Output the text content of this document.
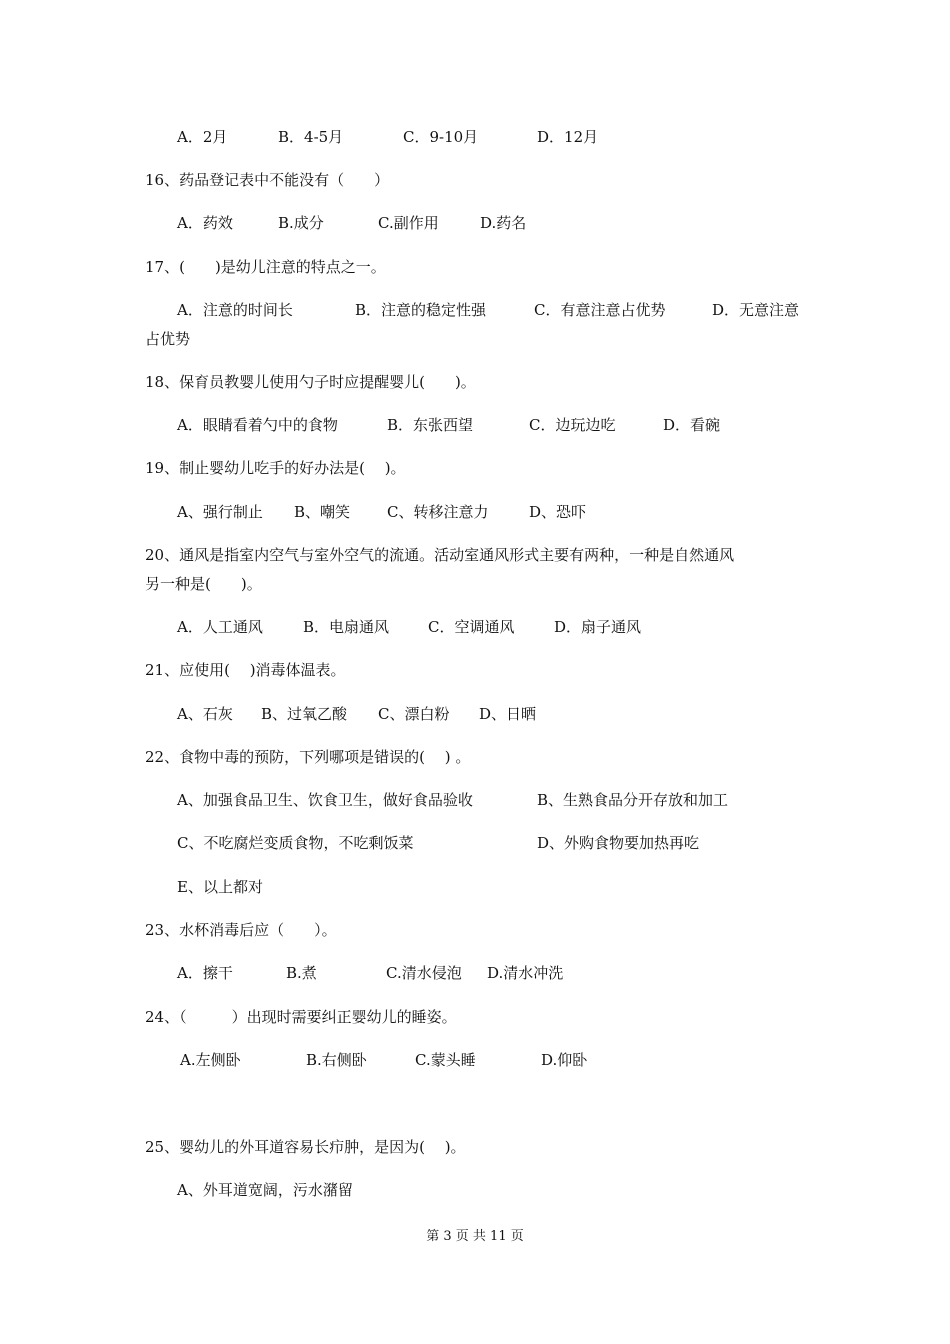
A．2月	B．4-5月	C．9-10月	D．12月
16、药品登记表中不能没有（　　）
A．药效	B.成分	C.副作用	D.药名
17、(　　)是幼儿注意的特点之一。
A．注意的时间长	B．注意的稳定性强	C．有意注意占优势	D．无意注意
占优势
18、保育员教婴儿使用勺子时应提醒婴儿(　　)。
A．眼睛看着勺中的食物	B．东张西望	C．边玩边吃	D．看碗
19、制止婴幼儿吃手的好办法是(　 )。
A、强行制止 B、嘲笑 C、转移注意力	D、恐吓
20、通风是指室内空气与室外空气的流通。活动室通风形式主要有两种，一种是自然通风
另一种是(　　)。
A．人工通风	B．电扇通风	C．空调通风	D．扇子通风
21、应使用(　 )消毒体温表。
A、石灰 B、过氧乙酸 C、漂白粉 D、日晒
22、食物中毒的预防，下列哪项是错误的(　 ) 。
A、加强食品卫生、饮食卫生，做好食品验收	B、生熟食品分开存放和加工
C、不吃腐烂变质食物，不吃剩饭菜	D、外购食物要加热再吃
E、以上都对
23、水杯消毒后应（　　）。
A．擦干	B.煮	C.清水侵泡 D.清水冲洗
24、（　　　）出现时需要纠正婴幼儿的睡姿。
A.左侧卧	B.右侧卧	C.蒙头睡	D.仰卧
25、婴幼儿的外耳道容易长疖肿，是因为(　 )。
A、外耳道宽阔，污水潴留
第 3 页 共 11 页
